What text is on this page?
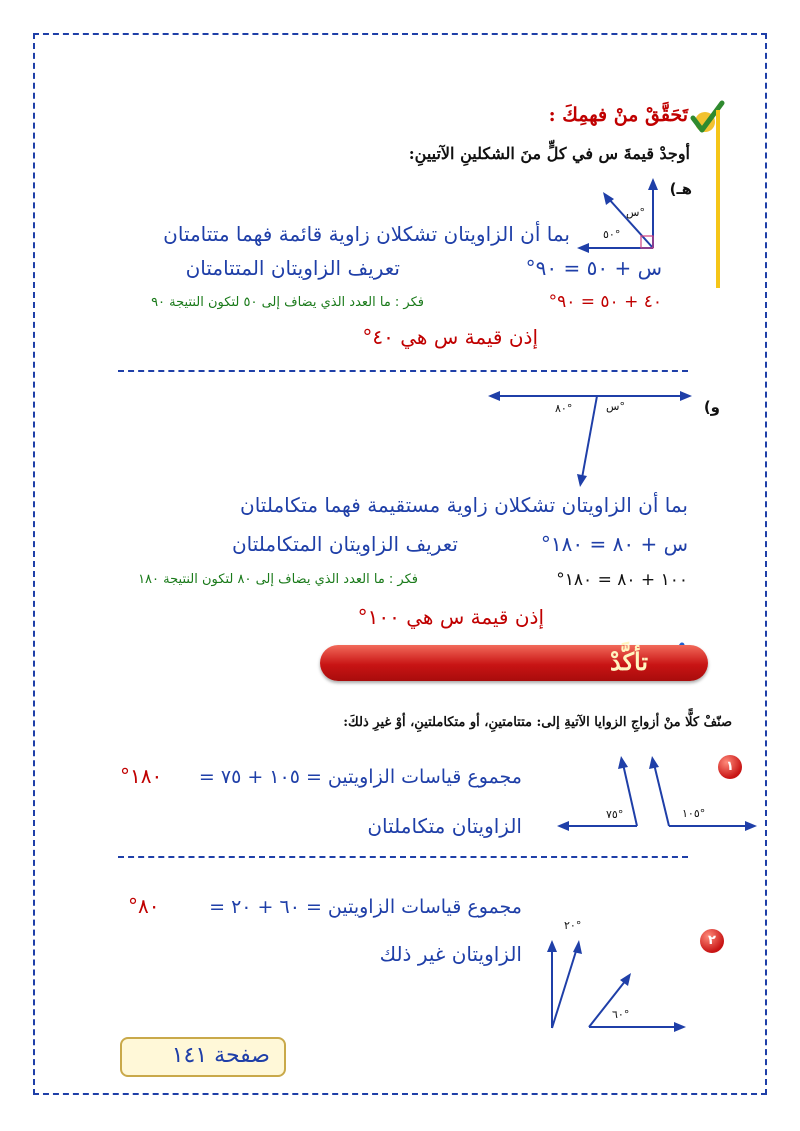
تَحَقَّقْ منْ فهمِكَ :
أوجدْ قيمةَ س في كلٍّ منَ الشكلينِ الآتيينِ:
هـ)
س°
٥٠°
بما أن الزاويتان تشكلان زاوية قائمة فهما متتامتان
س + ٥٠ = ٩٠°
تعريف الزاويتان المتتامتان
٤٠ + ٥٠ = ٩٠°
فكر : ما العدد الذي يضاف إلى ٥٠ لتكون النتيجة ٩٠
إذن قيمة س هي ٤٠°
و)
س°
٨٠°
بما أن الزاويتان تشكلان زاوية مستقيمة فهما متكاملتان
س + ٨٠ = ١٨٠°
تعريف الزاويتان المتكاملتان
١٠٠ + ٨٠ = ١٨٠°
فكر : ما العدد الذي يضاف إلى ٨٠ لتكون النتيجة ١٨٠
إذن قيمة س هي ١٠٠°
تأكَّدْ
صنّفْ كلًّا منْ أزواجِ الزوايا الآتيةِ إلى: متتامتينِ، أو متكاملتينِ، أوْ غيرِ ذلكَ:
١
مجموع قياسات الزاويتين = ١٠٥ + ٧٥ =
١٨٠°
الزاويتان متكاملتان
١٠٥°
٧٥°
٢
مجموع قياسات الزاويتين = ٦٠ + ٢٠ =
٨٠°
الزاويتان غير ذلك
٢٠°
٦٠°
صفحة ١٤١
